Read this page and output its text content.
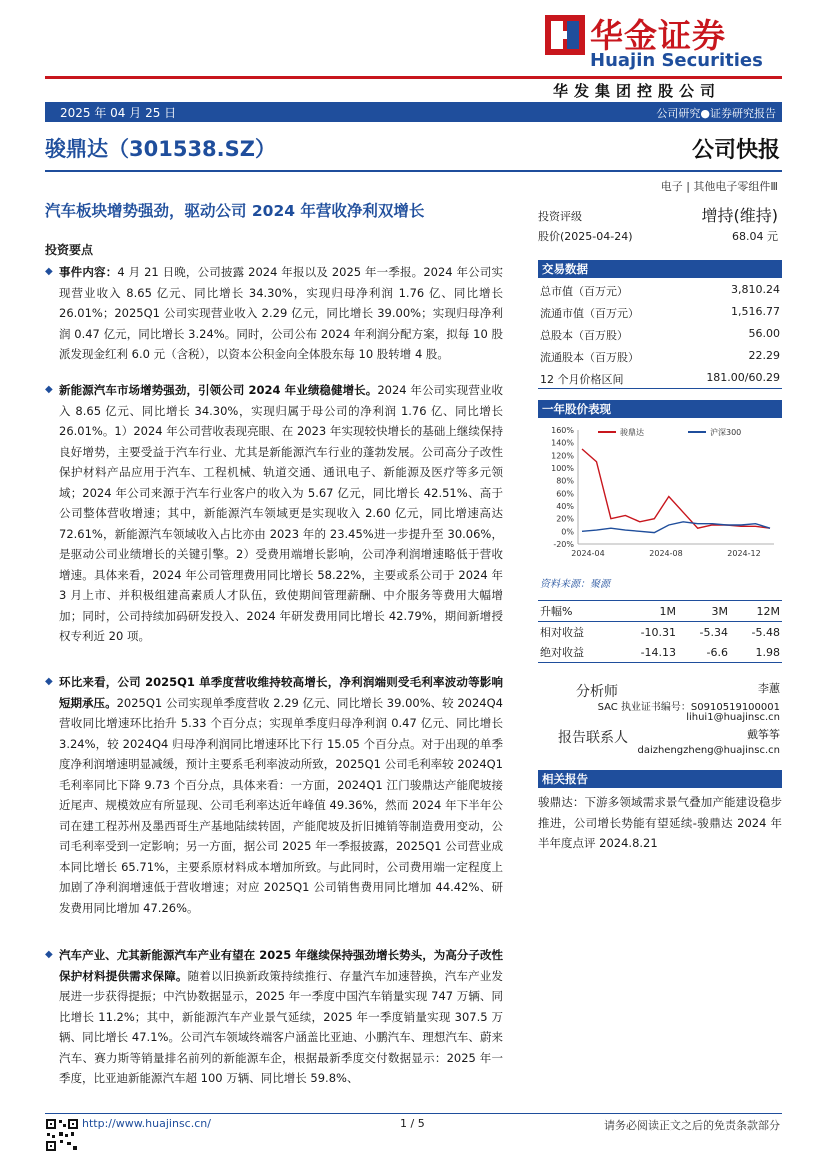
华金证券
Huajin Securities
华发集团控股公司
2025 年 04 月 25 日	公司研究●证券研究报告
骏鼎达（301538.SZ）	公司快报
汽车板块增势强劲，驱动公司 2024 年营收净利双增长
投资要点
◆ 事件内容：4 月 21 日晚，公司披露 2024 年报以及 2025 年一季报。2024 年公司实现营业收入 8.65 亿元、同比增长 34.30%，实现归母净利润 1.76 亿、同比增长 26.01%；2025Q1 公司实现营业收入 2.29 亿元，同比增长 39.00%；实现归母净利润 0.47 亿元，同比增长 3.24%。同时，公司公布 2024 年利润分配方案，拟每 10 股派发现金红利 6.0 元（含税），以资本公积金向全体股东每 10 股转增 4 股。
◆ 新能源汽车市场增势强劲，引领公司 2024 年业绩稳健增长。2024 年公司实现营业收入 8.65 亿元、同比增长 34.30%，实现归属于母公司的净利润 1.76 亿、同比增长 26.01%。1）2024 年公司营收表现亮眼、在 2023 年实现较快增长的基础上继续保持良好增势，主要受益于汽车行业、尤其是新能源汽车行业的蓬勃发展。公司高分子改性保护材料产品应用于汽车、工程机械、轨道交通、通讯电子、新能源及医疗等多元领域；2024 年公司来源于汽车行业客户的收入为 5.67 亿元，同比增长 42.51%、高于公司整体营收增速；其中，新能源汽车领域更是实现收入 2.60 亿元，同比增速高达 72.61%，新能源汽车领域收入占比亦由 2023 年的 23.45%进一步提升至 30.06%，是驱动公司业绩增长的关键引擎。2）受费用端增长影响，公司净利润增速略低于营收增速。具体来看，2024 年公司管理费用同比增长 58.22%，主要或系公司于 2024 年 3 月上市、并积极组建高素质人才队伍，致使期间管理薪酬、中介服务等费用大幅增加；同时，公司持续加码研发投入、2024 年研发费用同比增长 42.79%，期间新增授权专利近 20 项。
◆ 环比来看，公司 2025Q1 单季度营收维持较高增长，净利润端则受毛利率波动等影响短期承压。2025Q1 公司实现单季度营收 2.29 亿元、同比增长 39.00%、较 2024Q4 营收同比增速环比抬升 5.33 个百分点；实现单季度归母净利润 0.47 亿元、同比增长 3.24%，较 2024Q4 归母净利润同比增速环比下行 15.05 个百分点。对于出现的单季度净利润增速明显减缓，预计主要系毛利率波动所致，2025Q1 公司毛利率较 2024Q1 毛利率同比下降 9.73 个百分点，具体来看：一方面，2024Q1 江门骏鼎达产能爬坡接近尾声、规模效应有所显现、公司毛利率达近年峰值 49.36%，然而 2024 年下半年公司在建工程苏州及墨西哥生产基地陆续转固，产能爬坡及折旧摊销等制造费用变动，公司毛利率受到一定影响；另一方面，据公司 2025 年一季报披露，2025Q1 公司营业成本同比增长 65.71%，主要系原材料成本增加所致。与此同时，公司费用端一定程度上加剧了净利润增速低于营收增速；对应 2025Q1 公司销售费用同比增加 44.42%、研发费用同比增加 47.26%。
◆ 汽车产业、尤其新能源汽车产业有望在 2025 年继续保持强劲增长势头，为高分子改性保护材料提供需求保障。随着以旧换新政策持续推行、存量汽车加速替换，汽车产业发展进一步获得提振；中汽协数据显示，2025 年一季度中国汽车销量实现 747 万辆、同比增长 11.2%；其中，新能源汽车产业景气延续，2025 年一季度销量实现 307.5 万辆、同比增长 47.1%。公司汽车领域终端客户涵盖比亚迪、小鹏汽车、理想汽车、蔚来汽车、赛力斯等销量排名前列的新能源车企，根据最新季度交付数据显示：2025 年一季度，比亚迪新能源汽车超 100 万辆、同比增长 59.8%、
电子 | 其他电子零组件Ⅲ
投资评级	增持(维持)
股价(2025-04-24)	68.04 元
交易数据
总市值（百万元）	3,810.24
流通市值（百万元）	1,516.77
总股本（百万股）	56.00
流通股本（百万股）	22.29
12 个月价格区间	181.00/60.29
一年股价表现
160%
140%
120%
100%
80%
60%
40%
20%
0%
-20%
2024-04	2024-08	2024-12
骏鼎达	沪深300
资料来源：聚源
升幅%	1M	3M	12M
相对收益	-10.31	-5.34	-5.48
绝对收益	-14.13	-6.6	1.98
分析师	李蕙
SAC 执业证书编号：S0910519100001
lihui1@huajinsc.cn
报告联系人	戴筝筝
daizhengzheng@huajinsc.cn
相关报告
骏鼎达：下游多领域需求景气叠加产能建设稳步推进，公司增长势能有望延续-骏鼎达 2024 年半年度点评 2024.8.21
http://www.huajinsc.cn/	1 / 5	请务必阅读正文之后的免责条款部分
